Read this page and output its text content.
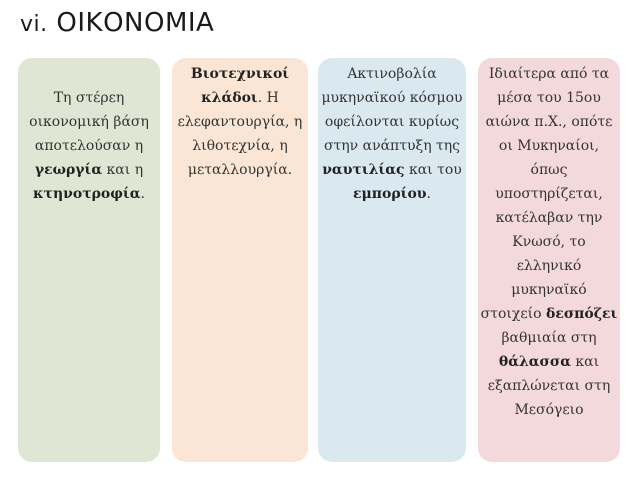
vi. ΟΙΚΟΝΟΜΙΑ
Τη στέρεη οικονομική βάση αποτελούσαν η γεωργία και η κτηνοτροφία.
Βιοτεχνικοί κλάδοι. Η ελεφαντουργία, η λιθοτεχνία, η μεταλλουργία.
Ακτινοβολία μυκηναϊκού κόσμου οφείλονται κυρίως στην ανάπτυξη της ναυτιλίας και του εμπορίου.
Ιδιαίτερα από τα μέσα του 15ου αιώνα π.Χ., οπότε οι Μυκηναίοι, όπως υποστηρίζεται, κατέλαβαν την Κνωσό, το ελληνικό μυκηναϊκό στοιχείο δεσπόζει βαθμιαία στη θάλασσα και εξαπλώνεται στη Μεσόγειο
